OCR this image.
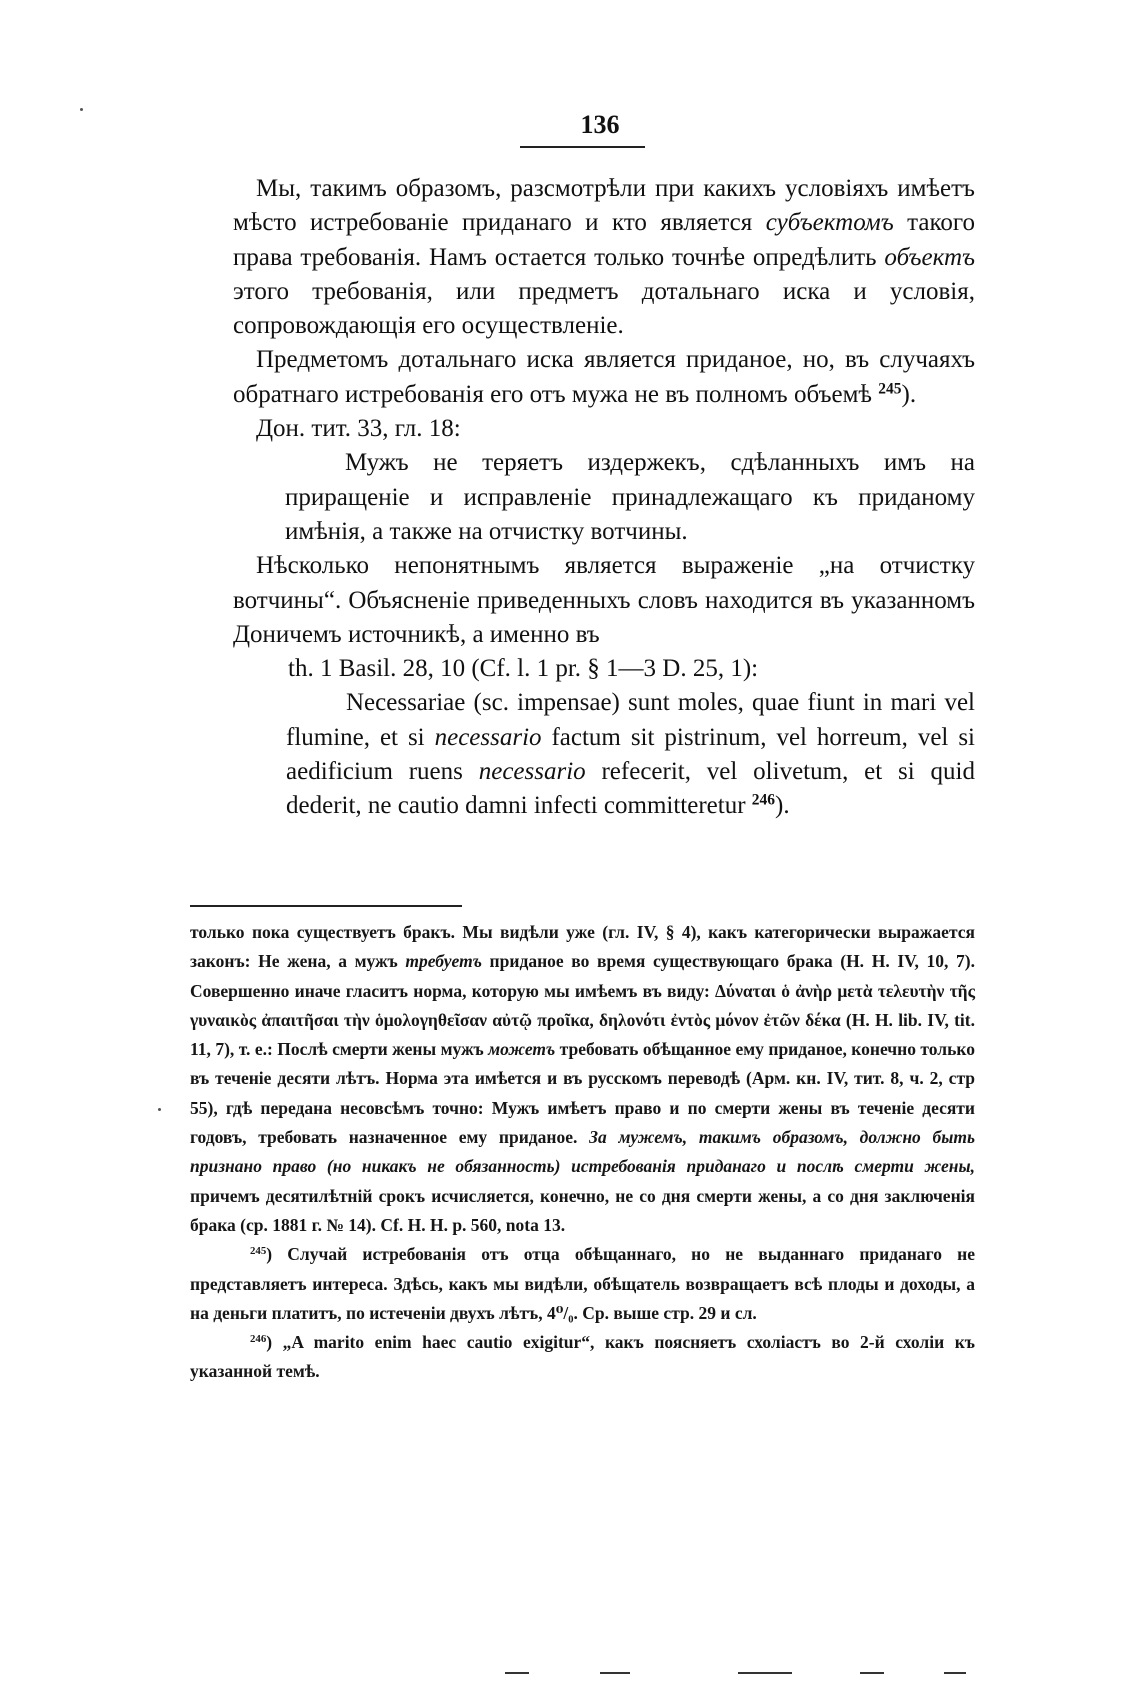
136

Мы, такимъ образомъ, разсмотрѣли при какихъ условіяхъ имѣетъ мѣсто истребованіе приданаго и кто является субъектомъ такого права требованія. Намъ остается только точнѣе опредѣлить объектъ этого требованія, или предметъ дотальнаго иска и условія, сопровождающія его осуществленіе.

Предметомъ дотальнаго иска является приданое, но, въ случаяхъ обратнаго истребованія его отъ мужа не въ полномъ объемѣ $^{245}$).

Дон. тит. 33, гл. 18:

Мужъ не теряетъ издержекъ, сдѣланныхъ имъ на приращеніе и исправленіе принадлежащаго къ приданому имѣнія, а также на отчистку вотчины.

Нѣсколько непонятнымъ является выраженіе „на отчистку вотчины“. Объясненіе приведенныхъ словъ находится въ указанномъ Доничемъ источникѣ, а именно въ

th. 1 Basil. 28, 10 (Cf. l. 1 pr. § 1—3 D. 25, 1):

Necessariae (sc. impensae) sunt moles, quae fiunt in mari vel flumine, et si necessario factum sit pistrinum, vel horreum, vel si aedificium ruens necessario refecerit, vel olivetum, et si quid dederit, ne cautio damni infecti committeretur $^{246}$).

только пока существуетъ бракъ. Мы видѣли уже (гл. IV, § 4), какъ категорически выражается законъ: Не жена, а мужъ требуетъ приданое во время существующаго брака (Н. Н. IV, 10, 7). Совершенно иначе гласитъ норма, которую мы имѣемъ въ виду: Δύναται ὁ ἀνὴρ μετὰ τελευτὴν τῆς γυναικὸς ἀπαιτῆσαι τὴν ὁμολογηθεῖσαν αὐτῷ προῖκα, δηλονότι ἐντὸς μόνον ἐτῶν δέκα (Н. Н. lib. IV, tit. 11, 7), т. е.: Послѣ смерти жены мужъ можетъ требовать обѣщанное ему приданое, конечно только въ теченіе десяти лѣтъ. Норма эта имѣется и въ русскомъ переводѣ (Арм. кн. IV, тит. 8, ч. 2, стр 55), гдѣ передана несовсѣмъ точно: Мужъ имѣетъ право и по смерти жены въ теченіе десяти годовъ, требовать назначенное ему приданое. За мужемъ, такимъ образомъ, должно быть признано право (но никакъ не обязанность) истребованія приданаго и послѣ смерти жены, причемъ десятилѣтній срокъ исчисляется, конечно, не со дня смерти жены, а со дня заключенія брака (ср. 1881 г. № 14). Cf. Н. Н. р. 560, nota 13.

$^{245}$) Случай истребованія отъ отца обѣщаннаго, но не выданнаго приданаго не представляетъ интереса. Здѣсь, какъ мы видѣли, обѣщатель возвращаетъ всѣ плоды и доходы, а на деньги платитъ, по истеченіи двухъ лѣтъ, 4⁰/₀. Ср. выше стр. 29 и сл.

$^{246}$) „A marito enim haec cautio exigitur“, какъ поясняетъ схоліастъ во 2-й схоліи къ указанной темѣ.
